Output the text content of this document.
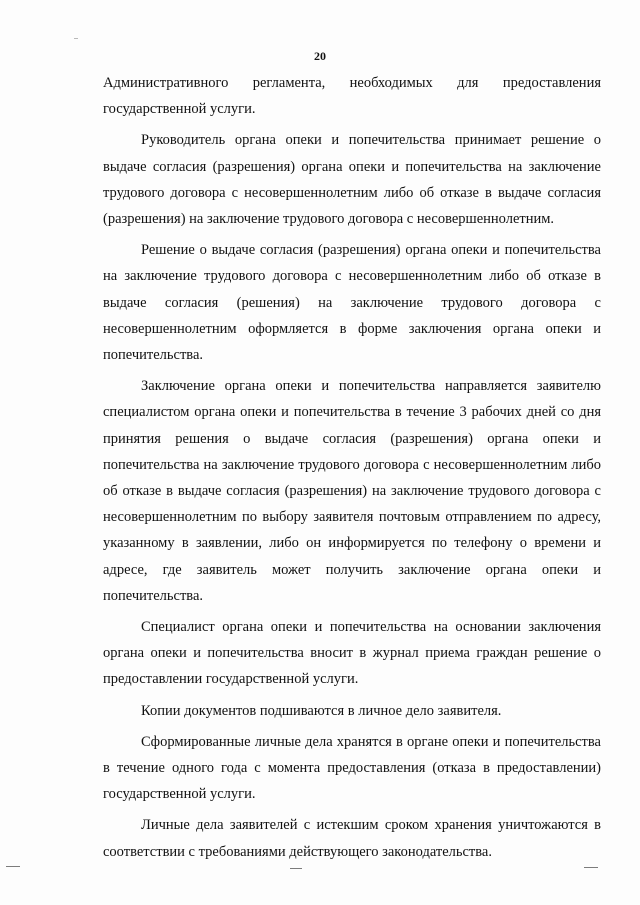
20

Административного регламента, необходимых для предоставления государственной услуги.

Руководитель органа опеки и попечительства принимает решение о выдаче согласия (разрешения) органа опеки и попечительства на заключение трудового договора с несовершеннолетним либо об отказе в выдаче согласия (разрешения) на заключение трудового договора с несовершеннолетним.

Решение о выдаче согласия (разрешения) органа опеки и попечительства на заключение трудового договора с несовершеннолетним либо об отказе в выдаче согласия (решения) на заключение трудового договора с несовершеннолетним оформляется в форме заключения органа опеки и попечительства.

Заключение органа опеки и попечительства направляется заявителю специалистом органа опеки и попечительства в течение 3 рабочих дней со дня принятия решения о выдаче согласия (разрешения) органа опеки и попечительства на заключение трудового договора с несовершеннолетним либо об отказе в выдаче согласия (разрешения) на заключение трудового договора с несовершеннолетним по выбору заявителя почтовым отправлением по адресу, указанному в заявлении, либо он информируется по телефону о времени и адресе, где заявитель может получить заключение органа опеки и попечительства.

Специалист органа опеки и попечительства на основании заключения органа опеки и попечительства вносит в журнал приема граждан решение о предоставлении государственной услуги.

Копии документов подшиваются в личное дело заявителя.

Сформированные личные дела хранятся в органе опеки и попечительства в течение одного года с момента предоставления (отказа в предоставлении) государственной услуги.

Личные дела заявителей с истекшим сроком хранения уничтожаются в соответствии с требованиями действующего законодательства.
